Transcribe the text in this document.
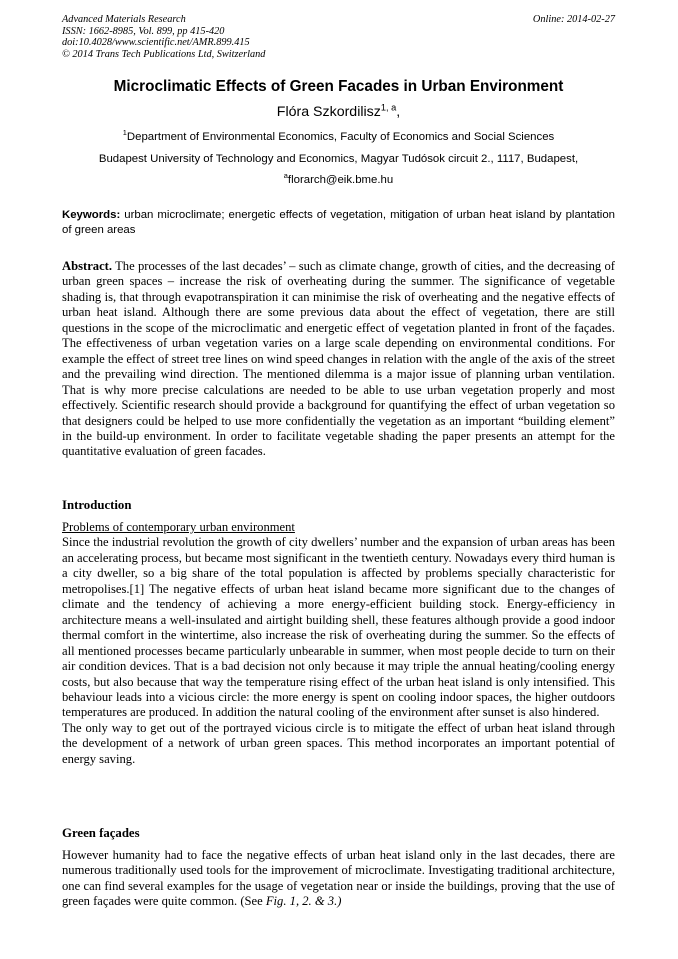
Advanced Materials Research
ISSN: 1662-8985, Vol. 899, pp 415-420
doi:10.4028/www.scientific.net/AMR.899.415
© 2014 Trans Tech Publications Ltd, Switzerland
Online: 2014-02-27
Microclimatic Effects of Green Facades in Urban Environment
Flóra Szkordilisz$^{1, a}$,
$^1$Department of Environmental Economics, Faculty of Economics and Social Sciences
Budapest University of Technology and Economics, Magyar Tudósok circuit 2., 1117, Budapest,
$^a$florarch@eik.bme.hu
Keywords: urban microclimate; energetic effects of vegetation, mitigation of urban heat island by plantation of green areas
Abstract. The processes of the last decades’ – such as climate change, growth of cities, and the decreasing of urban green spaces – increase the risk of overheating during the summer. The significance of vegetable shading is, that through evapotranspiration it can minimise the risk of overheating and the negative effects of urban heat island. Although there are some previous data about the effect of vegetation, there are still questions in the scope of the microclimatic and energetic effect of vegetation planted in front of the façades. The effectiveness of urban vegetation varies on a large scale depending on environmental conditions. For example the effect of street tree lines on wind speed changes in relation with the angle of the axis of the street and the prevailing wind direction. The mentioned dilemma is a major issue of planning urban ventilation. That is why more precise calculations are needed to be able to use urban vegetation properly and most effectively. Scientific research should provide a background for quantifying the effect of urban vegetation so that designers could be helped to use more confidentially the vegetation as an important “building element” in the build-up environment. In order to facilitate vegetable shading the paper presents an attempt for the quantitative evaluation of green facades.
Introduction

Problems of contemporary urban environment

Since the industrial revolution the growth of city dwellers’ number and the expansion of urban areas has been an accelerating process, but became most significant in the twentieth century. Nowadays every third human is a city dweller, so a big share of the total population is affected by problems specially characteristic for metropolises.[1] The negative effects of urban heat island became more significant due to the changes of climate and the tendency of achieving a more energy-efficient building stock. Energy-efficiency in architecture means a well-insulated and airtight building shell, these features although provide a good indoor thermal comfort in the wintertime, also increase the risk of overheating during the summer. So the effects of all mentioned processes became particularly unbearable in summer, when most people decide to turn on their air condition devices. That is a bad decision not only because it may triple the annual heating/cooling energy costs, but also because that way the temperature rising effect of the urban heat island is only intensified. This behaviour leads into a vicious circle: the more energy is spent on cooling indoor spaces, the higher outdoors temperatures are produced. In addition the natural cooling of the environment after sunset is also hindered.

The only way to get out of the portrayed vicious circle is to mitigate the effect of urban heat island through the development of a network of urban green spaces. This method incorporates an important potential of energy saving.

Green façades

However humanity had to face the negative effects of urban heat island only in the last decades, there are numerous traditionally used tools for the improvement of microclimate. Investigating traditional architecture, one can find several examples for the usage of vegetation near or inside the buildings, proving that the use of green façades were quite common. (See Fig. 1, 2. & 3.)
